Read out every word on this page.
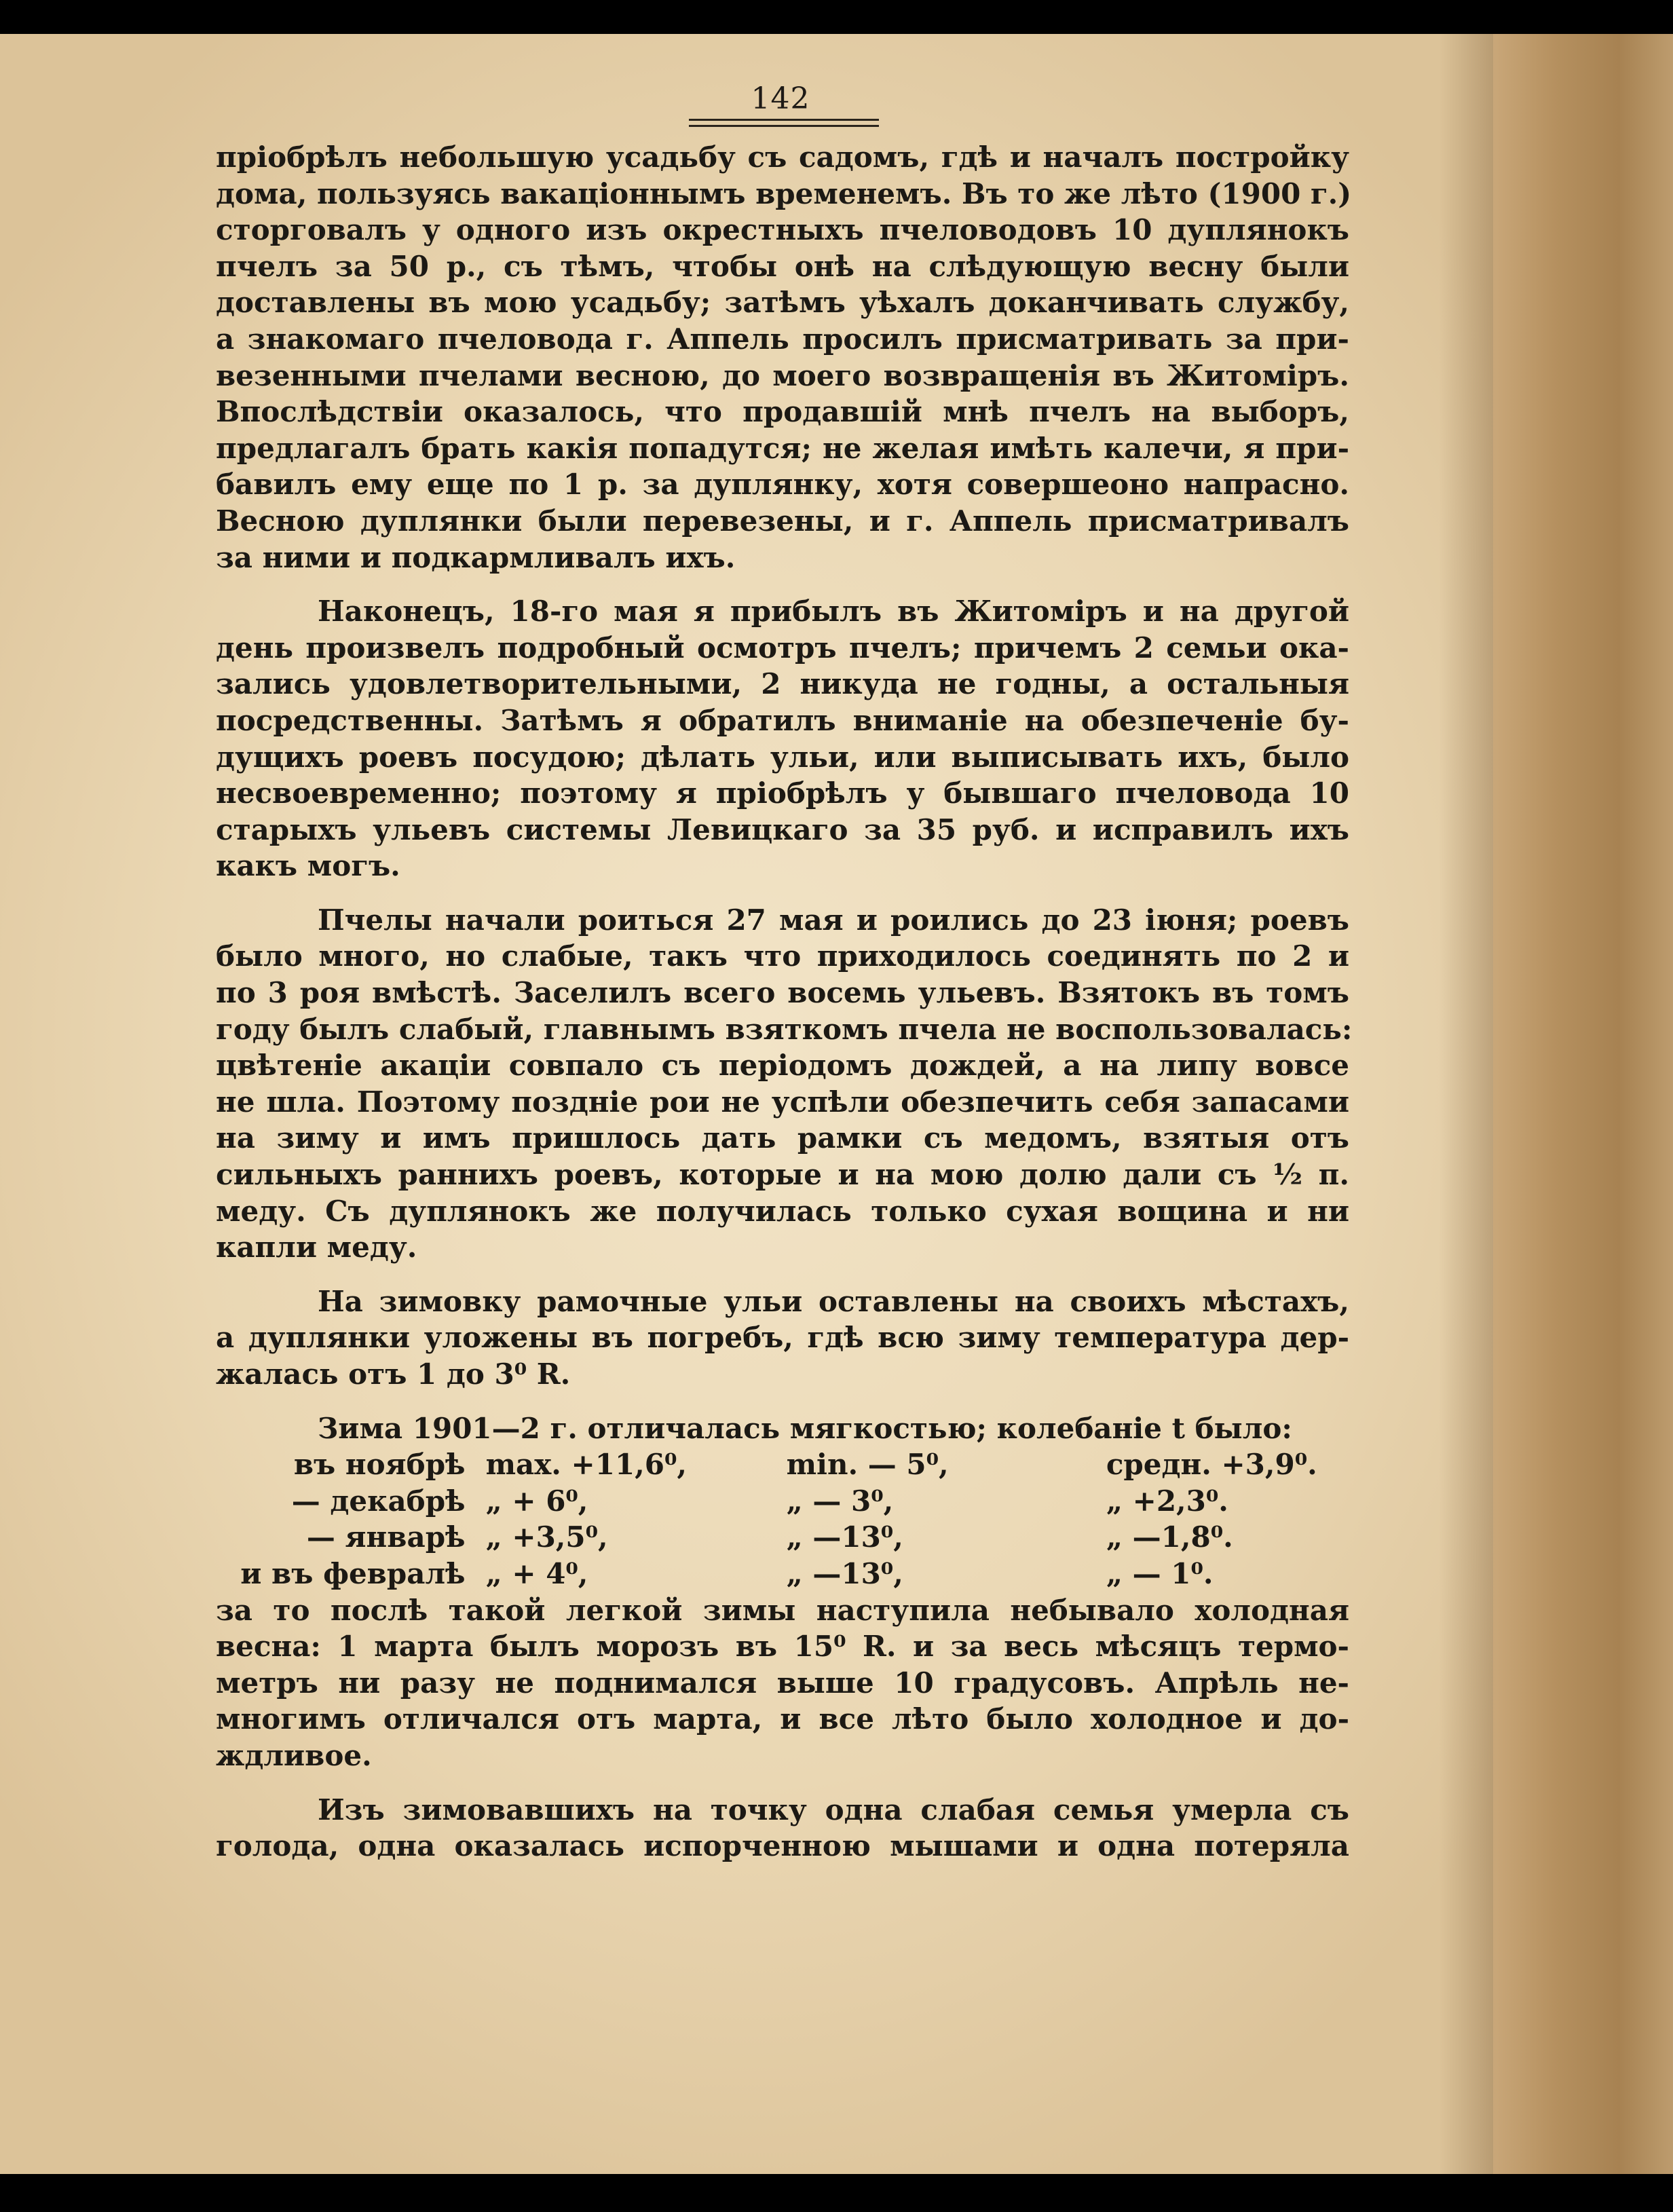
142
пріобрѣлъ небольшую усадьбу съ садомъ, гдѣ и началъ постройку
дома, пользуясь вакаціоннымъ временемъ. Въ то же лѣто (1900 г.)
сторговалъ у одного изъ окрестныхъ пчеловодовъ 10 дуплянокъ
пчелъ за 50 р., съ тѣмъ, чтобы онѣ на слѣдующую весну были
доставлены въ мою усадьбу; затѣмъ уѣхалъ доканчивать службу,
а знакомаго пчеловода г. Аппель просилъ присматривать за при-
везенными пчелами весною, до моего возвращенія въ Житоміръ.
Впослѣдствіи оказалось, что продавшій мнѣ пчелъ на выборъ,
предлагалъ брать какія попадутся; не желая имѣть калечи, я при-
бавилъ ему еще по 1 р. за дуплянку, хотя совершеоно напрасно.
Весною дуплянки были перевезены, и г. Аппель присматривалъ
за ними и подкармливалъ ихъ.
Наконецъ, 18-го мая я прибылъ въ Житоміръ и на другой
день произвелъ подробный осмотръ пчелъ; причемъ 2 семьи ока-
зались удовлетворительными, 2 никуда не годны, а остальныя
посредственны. Затѣмъ я обратилъ вниманіе на обезпеченіе бу-
дущихъ роевъ посудою; дѣлать ульи, или выписывать ихъ, было
несвоевременно; поэтому я пріобрѣлъ у бывшаго пчеловода 10
старыхъ ульевъ системы Левицкаго за 35 руб. и исправилъ ихъ
какъ могъ.
Пчелы начали роиться 27 мая и роились до 23 іюня; роевъ
было много, но слабые, такъ что приходилось соединять по 2 и
по 3 роя вмѣстѣ. Заселилъ всего восемь ульевъ. Взятокъ въ томъ
году былъ слабый, главнымъ взяткомъ пчела не воспользовалась:
цвѣтеніе акаціи совпало съ періодомъ дождей, а на липу вовсе
не шла. Поэтому поздніе рои не успѣли обезпечить себя запасами
на зиму и имъ пришлось дать рамки съ медомъ, взятыя отъ
сильныхъ раннихъ роевъ, которые и на мою долю дали съ ½ п.
меду. Съ дуплянокъ же получилась только сухая вощина и ни
капли меду.
На зимовку рамочные ульи оставлены на своихъ мѣстахъ,
а дуплянки уложены въ погребъ, гдѣ всю зиму температура дер-
жалась отъ 1 до 3⁰ R.
Зима 1901—2 г. отличалась мягкостью; колебаніе t было:
въ ноябрѣ max. +11,6⁰,	min. — 5⁰,	средн. +3,9⁰.
— декабрѣ „ + 6⁰,	„ — 3⁰,	„ +2,3⁰.
— январѣ „ +3,5⁰,	„ —13⁰,	„ —1,8⁰.
и въ февралѣ „ + 4⁰,	„ —13⁰,	„ — 1⁰.
за то послѣ такой легкой зимы наступила небывало холодная
весна: 1 марта былъ морозъ въ 15⁰ R. и за весь мѣсяцъ термо-
метръ ни разу не поднимался выше 10 градусовъ. Апрѣль не-
многимъ отличался отъ марта, и все лѣто было холодное и до-
ждливое.
Изъ зимовавшихъ на точку одна слабая семья умерла съ
голода, одна оказалась испорченною мышами и одна потеряла
